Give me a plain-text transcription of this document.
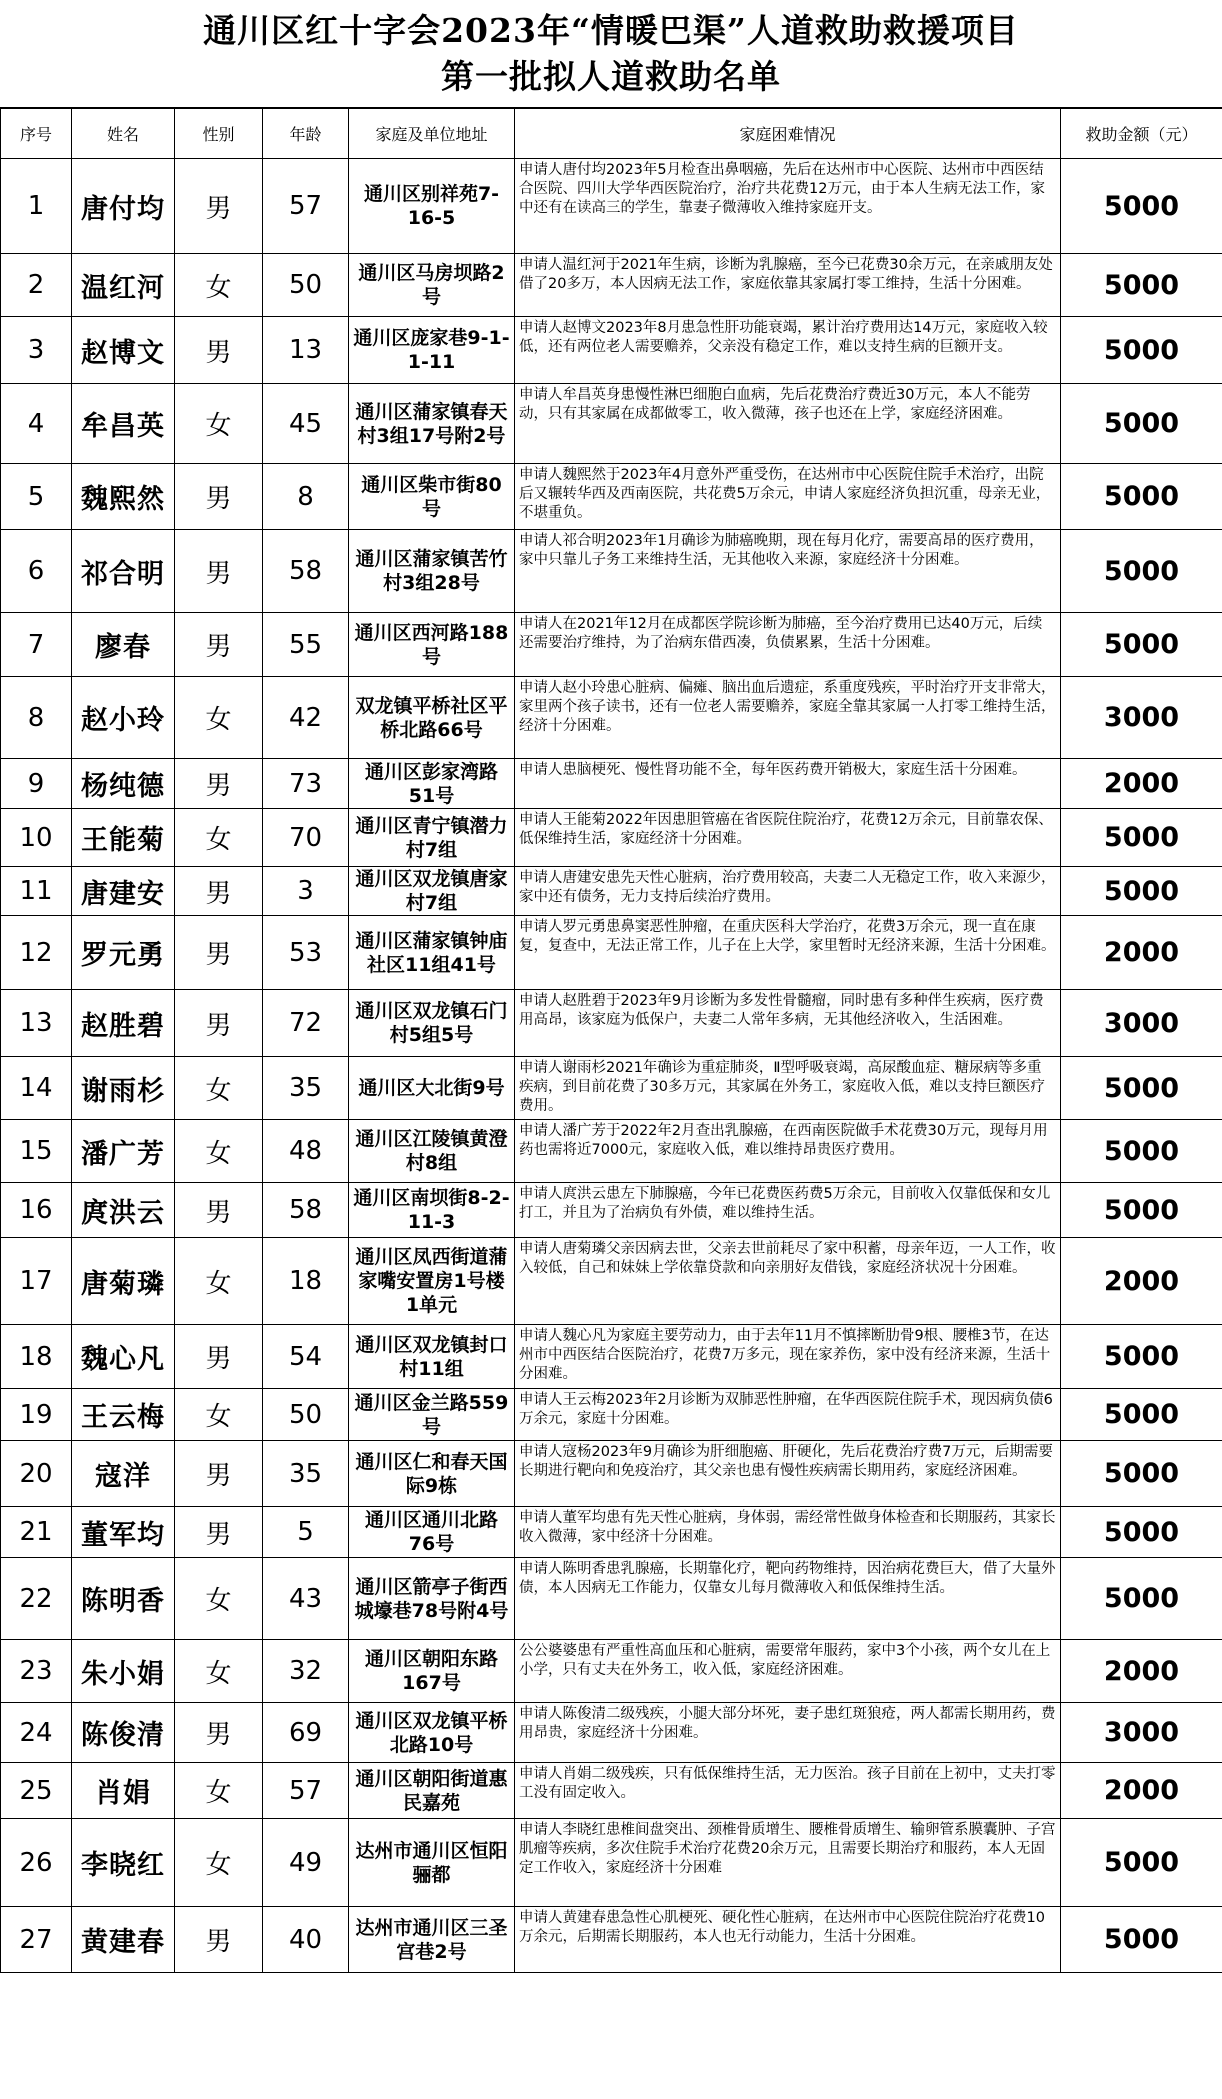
通川区红十字会2023年“情暖巴渠”人道救助救援项目
第一批拟人道救助名单
序号	姓名	性别	年龄	家庭及单位地址	家庭困难情况	救助金额（元）
1	唐付均	男	57	通川区别祥苑7-16-5	申请人唐付均2023年5月检查出鼻咽癌，先后在达州市中心医院、达州市中西医结合医院、四川大学华西医院治疗，治疗共花费12万元，由于本人生病无法工作，家中还有在读高三的学生，靠妻子微薄收入维持家庭开支。	5000
2	温红河	女	50	通川区马房坝路2号	申请人温红河于2021年生病，诊断为乳腺癌，至今已花费30余万元，在亲戚朋友处借了20多万，本人因病无法工作，家庭依靠其家属打零工维持，生活十分困难。	5000
3	赵博文	男	13	通川区庞家巷9-1-1-11	申请人赵博文2023年8月患急性肝功能衰竭，累计治疗费用达14万元，家庭收入较低，还有两位老人需要赡养，父亲没有稳定工作，难以支持生病的巨额开支。	5000
4	牟昌英	女	45	通川区蒲家镇春天村3组17号附2号	申请人牟昌英身患慢性淋巴细胞白血病，先后花费治疗费近30万元，本人不能劳动，只有其家属在成都做零工，收入微薄，孩子也还在上学，家庭经济困难。	5000
5	魏熙然	男	8	通川区柴市街80号	申请人魏熙然于2023年4月意外严重受伤，在达州市中心医院住院手术治疗，出院后又辗转华西及西南医院，共花费5万余元，申请人家庭经济负担沉重，母亲无业，不堪重负。	5000
6	祁合明	男	58	通川区蒲家镇苦竹村3组28号	申请人祁合明2023年1月确诊为肺癌晚期，现在每月化疗，需要高昂的医疗费用，家中只靠儿子务工来维持生活，无其他收入来源，家庭经济十分困难。	5000
7	廖春	男	55	通川区西河路188号	申请人在2021年12月在成都医学院诊断为肺癌，至今治疗费用已达40万元，后续还需要治疗维持，为了治病东借西凑，负债累累，生活十分困难。	5000
8	赵小玲	女	42	双龙镇平桥社区平桥北路66号	申请人赵小玲患心脏病、偏瘫、脑出血后遗症，系重度残疾，平时治疗开支非常大，家里两个孩子读书，还有一位老人需要赡养，家庭全靠其家属一人打零工维持生活，经济十分困难。	3000
9	杨纯德	男	73	通川区彭家湾路51号	申请人患脑梗死、慢性肾功能不全，每年医药费开销极大，家庭生活十分困难。	2000
10	王能菊	女	70	通川区青宁镇潜力村7组	申请人王能菊2022年因患胆管癌在省医院住院治疗，花费12万余元，目前靠农保、低保维持生活，家庭经济十分困难。	5000
11	唐建安	男	3	通川区双龙镇唐家村7组	申请人唐建安患先天性心脏病，治疗费用较高，夫妻二人无稳定工作，收入来源少，家中还有债务，无力支持后续治疗费用。	5000
12	罗元勇	男	53	通川区蒲家镇钟庙社区11组41号	申请人罗元勇患鼻窦恶性肿瘤，在重庆医科大学治疗，花费3万余元，现一直在康复，复查中，无法正常工作，儿子在上大学，家里暂时无经济来源，生活十分困难。	2000
13	赵胜碧	男	72	通川区双龙镇石门村5组5号	申请人赵胜碧于2023年9月诊断为多发性骨髓瘤，同时患有多种伴生疾病，医疗费用高昂，该家庭为低保户，夫妻二人常年多病，无其他经济收入，生活困难。	3000
14	谢雨杉	女	35	通川区大北街9号	申请人谢雨杉2021年确诊为重症肺炎，Ⅱ型呼吸衰竭，高尿酸血症、糖尿病等多重疾病，到目前花费了30多万元，其家属在外务工，家庭收入低，难以支持巨额医疗费用。	5000
15	潘广芳	女	48	通川区江陵镇黄澄村8组	申请人潘广芳于2022年2月查出乳腺癌，在西南医院做手术花费30万元，现每月用药也需将近7000元，家庭收入低，难以维持昂贵医疗费用。	5000
16	庹洪云	男	58	通川区南坝街8-2-11-3	申请人庹洪云患左下肺腺癌，今年已花费医药费5万余元，目前收入仅靠低保和女儿打工，并且为了治病负有外债，难以维持生活。	5000
17	唐菊璘	女	18	通川区凤西街道蒲家嘴安置房1号楼1单元	申请人唐菊璘父亲因病去世，父亲去世前耗尽了家中积蓄，母亲年迈，一人工作，收入较低，自己和妹妹上学依靠贷款和向亲朋好友借钱，家庭经济状况十分困难。	2000
18	魏心凡	男	54	通川区双龙镇封口村11组	申请人魏心凡为家庭主要劳动力，由于去年11月不慎摔断肋骨9根、腰椎3节，在达州市中西医结合医院治疗，花费7万多元，现在家养伤，家中没有经济来源，生活十分困难。	5000
19	王云梅	女	50	通川区金兰路559号	申请人王云梅2023年2月诊断为双肺恶性肿瘤，在华西医院住院手术，现因病负债6万余元，家庭十分困难。	5000
20	寇洋	男	35	通川区仁和春天国际9栋	申请人寇杨2023年9月确诊为肝细胞癌、肝硬化，先后花费治疗费7万元，后期需要长期进行靶向和免疫治疗，其父亲也患有慢性疾病需长期用药，家庭经济困难。	5000
21	董军均	男	5	通川区通川北路76号	申请人董军均患有先天性心脏病，身体弱，需经常性做身体检查和长期服药，其家长收入微薄，家中经济十分困难。	5000
22	陈明香	女	43	通川区箭亭子街西城壕巷78号附4号	申请人陈明香患乳腺癌，长期靠化疗，靶向药物维持，因治病花费巨大，借了大量外债，本人因病无工作能力，仅靠女儿每月微薄收入和低保维持生活。	5000
23	朱小娟	女	32	通川区朝阳东路167号	公公婆婆患有严重性高血压和心脏病，需要常年服药，家中3个小孩，两个女儿在上小学，只有丈夫在外务工，收入低，家庭经济困难。	2000
24	陈俊清	男	69	通川区双龙镇平桥北路10号	申请人陈俊清二级残疾，小腿大部分坏死，妻子患红斑狼疮，两人都需长期用药，费用昂贵，家庭经济十分困难。	3000
25	肖娟	女	57	通川区朝阳街道惠民嘉苑	申请人肖娟二级残疾，只有低保维持生活，无力医治。孩子目前在上初中，丈夫打零工没有固定收入。	2000
26	李晓红	女	49	达州市通川区恒阳骊都	申请人李晓红患椎间盘突出、颈椎骨质增生、腰椎骨质增生、输卵管系膜囊肿、子宫肌瘤等疾病，多次住院手术治疗花费20余万元，且需要长期治疗和服药，本人无固定工作收入，家庭经济十分困难	5000
27	黄建春	男	40	达州市通川区三圣宫巷2号	申请人黄建春患急性心肌梗死、硬化性心脏病，在达州市中心医院住院治疗花费10万余元，后期需长期服药，本人也无行动能力，生活十分困难。	5000
